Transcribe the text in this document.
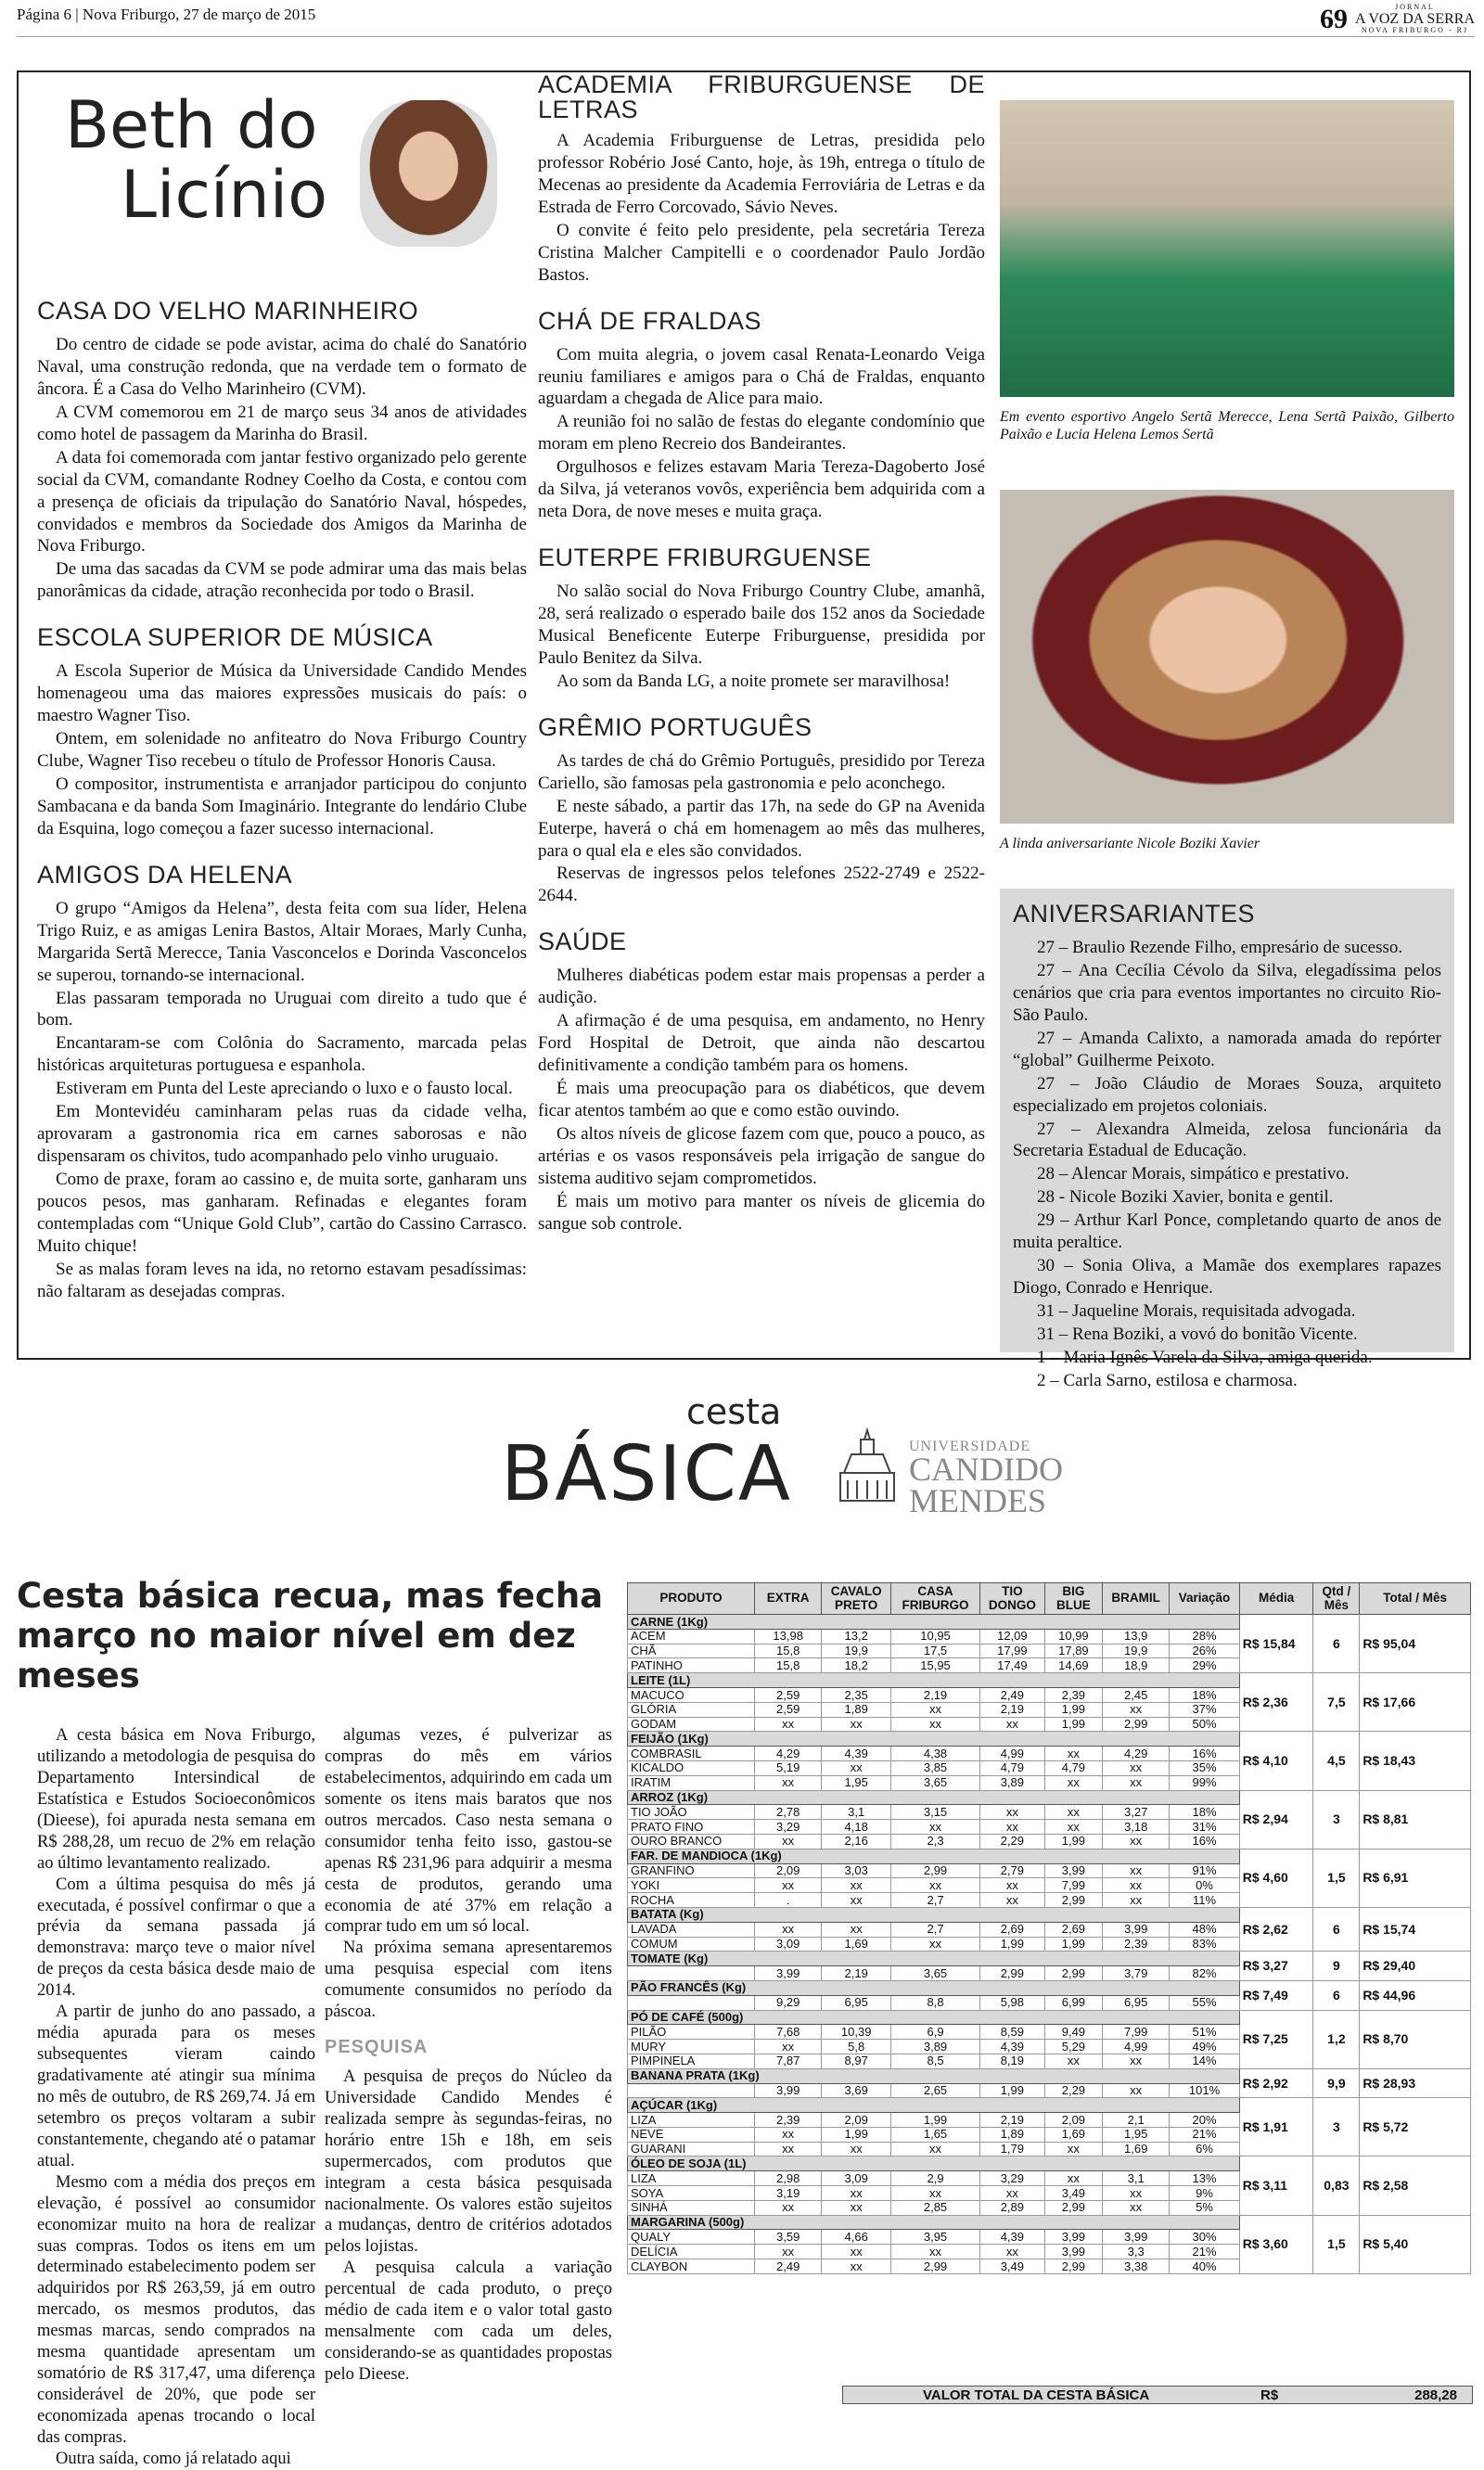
Página 6 | Nova Friburgo, 27 de março de 2015	69	JORNAL
A VOZ DA SERRA
NOVA FRIBURGO - RJ
Beth do
Licínio
CASA DO VELHO MARINHEIRO

Do centro de cidade se pode avistar, acima do chalé do Sanatório Naval, uma construção redonda, que na verdade tem o formato de âncora. É a Casa do Velho Marinheiro (CVM).

A CVM comemorou em 21 de março seus 34 anos de atividades como hotel de passagem da Marinha do Brasil.

A data foi comemorada com jantar festivo organizado pelo gerente social da CVM, comandante Rodney Coelho da Costa, e contou com a presença de oficiais da tripulação do Sanatório Naval, hóspedes, convidados e membros da Sociedade dos Amigos da Marinha de Nova Friburgo.

De uma das sacadas da CVM se pode admirar uma das mais belas panorâmicas da cidade, atração reconhecida por todo o Brasil.

ESCOLA SUPERIOR DE MÚSICA

A Escola Superior de Música da Universidade Candido Mendes homenageou uma das maiores expressões musicais do país: o maestro Wagner Tiso.

Ontem, em solenidade no anfiteatro do Nova Friburgo Country Clube, Wagner Tiso recebeu o título de Professor Honoris Causa.

O compositor, instrumentista e arranjador participou do conjunto Sambacana e da banda Som Imaginário. Integrante do lendário Clube da Esquina, logo começou a fazer sucesso internacional.

AMIGOS DA HELENA

O grupo “Amigos da Helena”, desta feita com sua líder, Helena Trigo Ruiz, e as amigas Lenira Bastos, Altair Moraes, Marly Cunha, Margarida Sertã Merecce, Tania Vasconcelos e Dorinda Vasconcelos se superou, tornando-se internacional.

Elas passaram temporada no Uruguai com direito a tudo que é bom.

Encantaram-se com Colônia do Sacramento, marcada pelas históricas arquiteturas portuguesa e espanhola.

Estiveram em Punta del Leste apreciando o luxo e o fausto local.

Em Montevidéu caminharam pelas ruas da cidade velha, aprovaram a gastronomia rica em carnes saborosas e não dispensaram os chivitos, tudo acompanhado pelo vinho uruguaio.

Como de praxe, foram ao cassino e, de muita sorte, ganharam uns poucos pesos, mas ganharam. Refinadas e elegantes foram contempladas com “Unique Gold Club”, cartão do Cassino Carrasco. Muito chique!

Se as malas foram leves na ida, no retorno estavam pesadíssimas: não faltaram as desejadas compras.

ACADEMIA FRIBURGUENSE DE LETRAS

A Academia Friburguense de Letras, presidida pelo professor Robério José Canto, hoje, às 19h, entrega o título de Mecenas ao presidente da Academia Ferroviária de Letras e da Estrada de Ferro Corcovado, Sávio Neves.

O convite é feito pelo presidente, pela secretária Tereza Cristina Malcher Campitelli e o coordenador Paulo Jordão Bastos.

CHÁ DE FRALDAS

Com muita alegria, o jovem casal Renata-Leonardo Veiga reuniu familiares e amigos para o Chá de Fraldas, enquanto aguardam a chegada de Alice para maio.

A reunião foi no salão de festas do elegante condomínio que moram em pleno Recreio dos Bandeirantes.

Orgulhosos e felizes estavam Maria Tereza-Dagoberto José da Silva, já veteranos vovôs, experiência bem adquirida com a neta Dora, de nove meses e muita graça.

EUTERPE FRIBURGUENSE

No salão social do Nova Friburgo Country Clube, amanhã, 28, será realizado o esperado baile dos 152 anos da Sociedade Musical Beneficente Euterpe Friburguense, presidida por Paulo Benitez da Silva.

Ao som da Banda LG, a noite promete ser maravilhosa!

GRÊMIO PORTUGUÊS

As tardes de chá do Grêmio Português, presidido por Tereza Cariello, são famosas pela gastronomia e pelo aconchego.

E neste sábado, a partir das 17h, na sede do GP na Avenida Euterpe, haverá o chá em homenagem ao mês das mulheres, para o qual ela e eles são convidados.

Reservas de ingressos pelos telefones 2522-2749 e 2522-2644.

SAÚDE

Mulheres diabéticas podem estar mais propensas a perder a audição.

A afirmação é de uma pesquisa, em andamento, no Henry Ford Hospital de Detroit, que ainda não descartou definitivamente a condição também para os homens.

É mais uma preocupação para os diabéticos, que devem ficar atentos também ao que e como estão ouvindo.

Os altos níveis de glicose fazem com que, pouco a pouco, as artérias e os vasos responsáveis pela irrigação de sangue do sistema auditivo sejam comprometidos.

É mais um motivo para manter os níveis de glicemia do sangue sob controle.

Em evento esportivo Angelo Sertã Merecce, Lena Sertã Paixão, Gilberto Paixão e Lucia Helena Lemos Sertã
A linda aniversariante Nicole Boziki Xavier
ANIVERSARIANTES

27 – Braulio Rezende Filho, empresário de sucesso.

27 – Ana Cecília Cévolo da Silva, elegadíssima pelos cenários que cria para eventos importantes no circuito Rio-São Paulo.

27 – Amanda Calixto, a namorada amada do repórter “global” Guilherme Peixoto.

27 – João Cláudio de Moraes Souza, arquiteto especializado em projetos coloniais.

27 – Alexandra Almeida, zelosa funcionária da Secretaria Estadual de Educação.

28 – Alencar Morais, simpático e prestativo.

28 - Nicole Boziki Xavier, bonita e gentil.

29 – Arthur Karl Ponce, completando quarto de anos de muita peraltice.

30 – Sonia Oliva, a Mamãe dos exemplares rapazes Diogo, Conrado e Henrique.

31 – Jaqueline Morais, requisitada advogada.

31 – Rena Boziki, a vovó do bonitão Vicente.

1 – Maria Ignês Varela da Silva, amiga querida.

2 – Carla Sarno, estilosa e charmosa.

cesta
BÁSICA	UNIVERSIDADE
CANDIDO
MENDES
Cesta básica recua, mas fecha março no maior nível em dez meses

A cesta básica em Nova Friburgo, utilizando a metodologia de pesquisa do Departamento Intersindical de Estatística e Estudos Socioeconômicos (Dieese), foi apurada nesta semana em R$ 288,28, um recuo de 2% em relação ao último levantamento realizado.

Com a última pesquisa do mês já executada, é possível confirmar o que a prévia da semana passada já demonstrava: março teve o maior nível de preços da cesta básica desde maio de 2014.

A partir de junho do ano passado, a média apurada para os meses subsequentes vieram caindo gradativamente até atingir sua mínima no mês de outubro, de R$ 269,74. Já em setembro os preços voltaram a subir constantemente, chegando até o patamar atual.

Mesmo com a média dos preços em elevação, é possível ao consumidor economizar muito na hora de realizar suas compras. Todos os itens em um determinado estabelecimento podem ser adquiridos por R$ 263,59, já em outro mercado, os mesmos produtos, das mesmas marcas, sendo comprados na mesma quantidade apresentam um somatório de R$ 317,47, uma diferença considerável de 20%, que pode ser economizada apenas trocando o local das compras.

Outra saída, como já relatado aqui

algumas vezes, é pulverizar as compras do mês em vários estabelecimentos, adquirindo em cada um somente os itens mais baratos que nos outros mercados. Caso nesta semana o consumidor tenha feito isso, gastou-se apenas R$ 231,96 para adquirir a mesma cesta de produtos, gerando uma economia de até 37% em relação a comprar tudo em um só local.

Na próxima semana apresentaremos uma pesquisa especial com itens comumente consumidos no período da páscoa.

PESQUISA

A pesquisa de preços do Núcleo da Universidade Candido Mendes é realizada sempre às segundas-feiras, no horário entre 15h e 18h, em seis supermercados, com produtos que integram a cesta básica pesquisada nacionalmente. Os valores estão sujeitos a mudanças, dentro de critérios adotados pelos lojistas.

A pesquisa calcula a variação percentual de cada produto, o preço médio de cada item e o valor total gasto mensalmente com cada um deles, considerando-se as quantidades propostas pelo Dieese.

PRODUTO	EXTRA	CAVALO PRETO	CASA FRIBURGO	TIO DONGO	BIG BLUE	BRAMIL	Variação	Média	Qtd / Mês	Total / Mês
CARNE (1Kg)								R$ 15,84	6	R$ 95,04
ACEM	13,98	13,2	10,95	12,09	10,99	13,9	28%			
CHÃ	15,8	19,9	17,5	17,99	17,89	19,9	26%			
PATINHO	15,8	18,2	15,95	17,49	14,69	18,9	29%			
LEITE (1L)								R$ 2,36	7,5	R$ 17,66
MACUCO	2,59	2,35	2,19	2,49	2,39	2,45	18%			
GLÓRIA	2,59	1,89	xx	2,19	1,99	xx	37%			
GODAM	xx	xx	xx	xx	1,99	2,99	50%			
FEIJÃO (1Kg)								R$ 4,10	4,5	R$ 18,43
COMBRASIL	4,29	4,39	4,38	4,99	xx	4,29	16%			
KICALDO	5,19	xx	3,85	4,79	4,79	xx	35%			
IRATIM	xx	1,95	3,65	3,89	xx	xx	99%			
ARROZ (1Kg)								R$ 2,94	3	R$ 8,81
TIO JOÃO	2,78	3,1	3,15	xx	xx	3,27	18%			
PRATO FINO	3,29	4,18	xx	xx	xx	3,18	31%			
OURO BRANCO	xx	2,16	2,3	2,29	1,99	xx	16%			
FAR. DE MANDIOCA (1Kg)								R$ 4,60	1,5	R$ 6,91
GRANFINO	2,09	3,03	2,99	2,79	3,99	xx	91%			
YOKI	xx	xx	xx	xx	7,99	xx	0%			
ROCHA	.	xx	2,7	xx	2,99	xx	11%			
BATATA (Kg)								R$ 2,62	6	R$ 15,74
LAVADA	xx	xx	2,7	2,69	2,69	3,99	48%			
COMUM	3,09	1,69	xx	1,99	1,99	2,39	83%			
TOMATE (Kg)								R$ 3,27	9	R$ 29,40
	3,99	2,19	3,65	2,99	2,99	3,79	82%			
PÃO FRANCÊS (Kg)								R$ 7,49	6	R$ 44,96
	9,29	6,95	8,8	5,98	6,99	6,95	55%			
PÓ DE CAFÉ (500g)								R$ 7,25	1,2	R$ 8,70
PILÃO	7,68	10,39	6,9	8,59	9,49	7,99	51%			
MURY	xx	5,8	3,89	4,39	5,29	4,99	49%			
PIMPINELA	7,87	8,97	8,5	8,19	xx	xx	14%			
BANANA PRATA (1Kg)								R$ 2,92	9,9	R$ 28,93
	3,99	3,69	2,65	1,99	2,29	xx	101%			
AÇÚCAR (1Kg)								R$ 1,91	3	R$ 5,72
LIZA	2,39	2,09	1,99	2,19	2,09	2,1	20%			
NEVE	xx	1,99	1,65	1,89	1,69	1,95	21%			
GUARANI	xx	xx	xx	1,79	xx	1,69	6%			
ÓLEO DE SOJA (1L)								R$ 3,11	0,83	R$ 2,58
LIZA	2,98	3,09	2,9	3,29	xx	3,1	13%			
SOYA	3,19	xx	xx	xx	3,49	xx	9%			
SINHÁ	xx	xx	2,85	2,89	2,99	xx	5%			
MARGARINA (500g)								R$ 3,60	1,5	R$ 5,40
QUALY	3,59	4,66	3,95	4,39	3,99	3,99	30%			
DELÍCIA	xx	xx	xx	xx	3,99	3,3	21%			
CLAYBON	2,49	xx	2,99	3,49	2,99	3,38	40%			
VALOR TOTAL DA CESTA BÁSICA	R$	288,28
